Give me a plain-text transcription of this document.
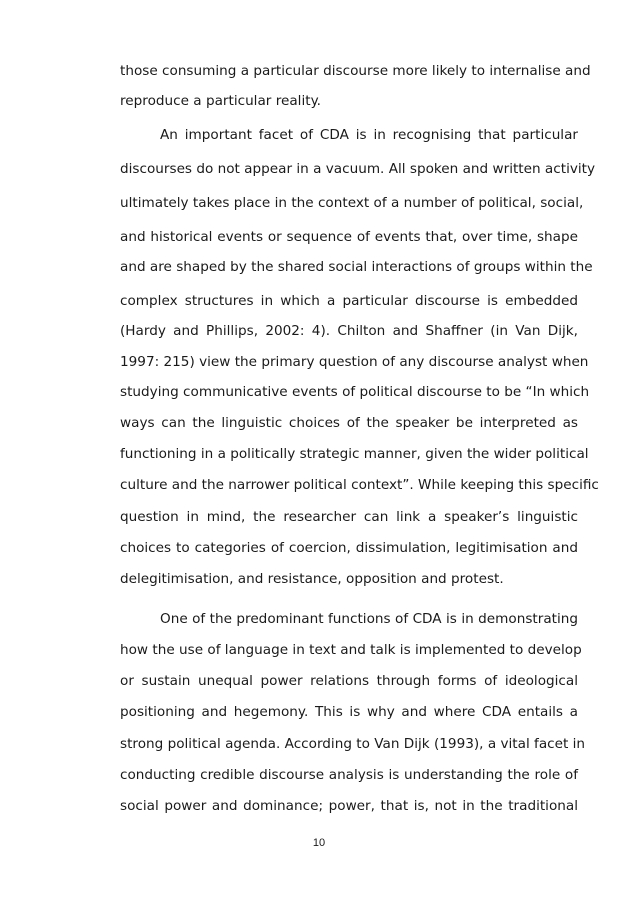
those consuming a particular discourse more likely to internalise and
reproduce a particular reality.
An important facet of CDA is in recognising that particular
discourses do not appear in a vacuum. All spoken and written activity
ultimately takes place in the context of a number of political, social,
and historical events or sequence of events that, over time, shape
and are shaped by the shared social interactions of groups within the
complex structures in which a particular discourse is embedded
(Hardy and Phillips, 2002: 4). Chilton and Shaffner (in Van Dijk,
1997: 215) view the primary question of any discourse analyst when
studying communicative events of political discourse to be “In which
ways can the linguistic choices of the speaker be interpreted as
functioning in a politically strategic manner, given the wider political
culture and the narrower political context”. While keeping this specific
question in mind, the researcher can link a speaker’s linguistic
choices to categories of coercion, dissimulation, legitimisation and
delegitimisation, and resistance, opposition and protest.
One of the predominant functions of CDA is in demonstrating
how the use of language in text and talk is implemented to develop
or sustain unequal power relations through forms of ideological
positioning and hegemony. This is why and where CDA entails a
strong political agenda. According to Van Dijk (1993), a vital facet in
conducting credible discourse analysis is understanding the role of
social power and dominance; power, that is, not in the traditional
10
